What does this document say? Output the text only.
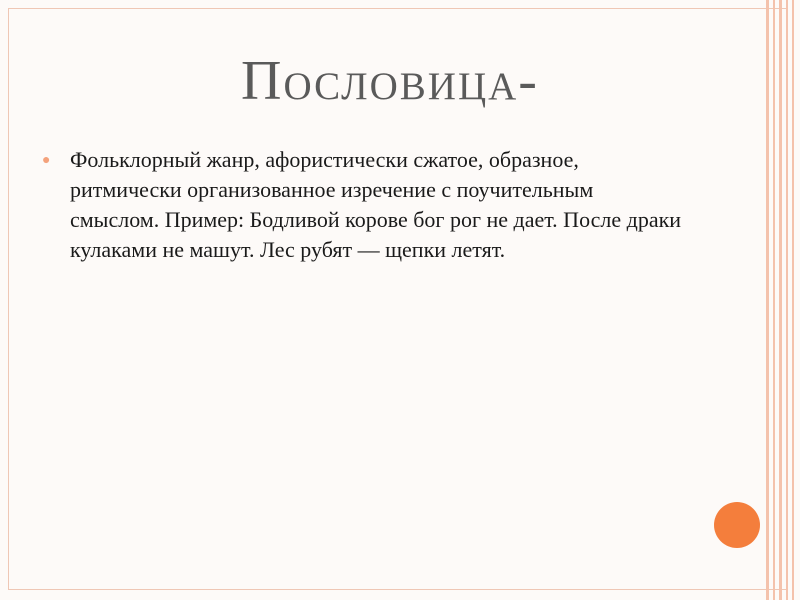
Пословица-
● Фольклорный жанр, афористически сжатое, образное, ритмически организованное изречение с поучительным смыслом. Пример: Бодливой корове бог рог не дает. После драки кулаками не машут. Лес рубят — щепки летят.
